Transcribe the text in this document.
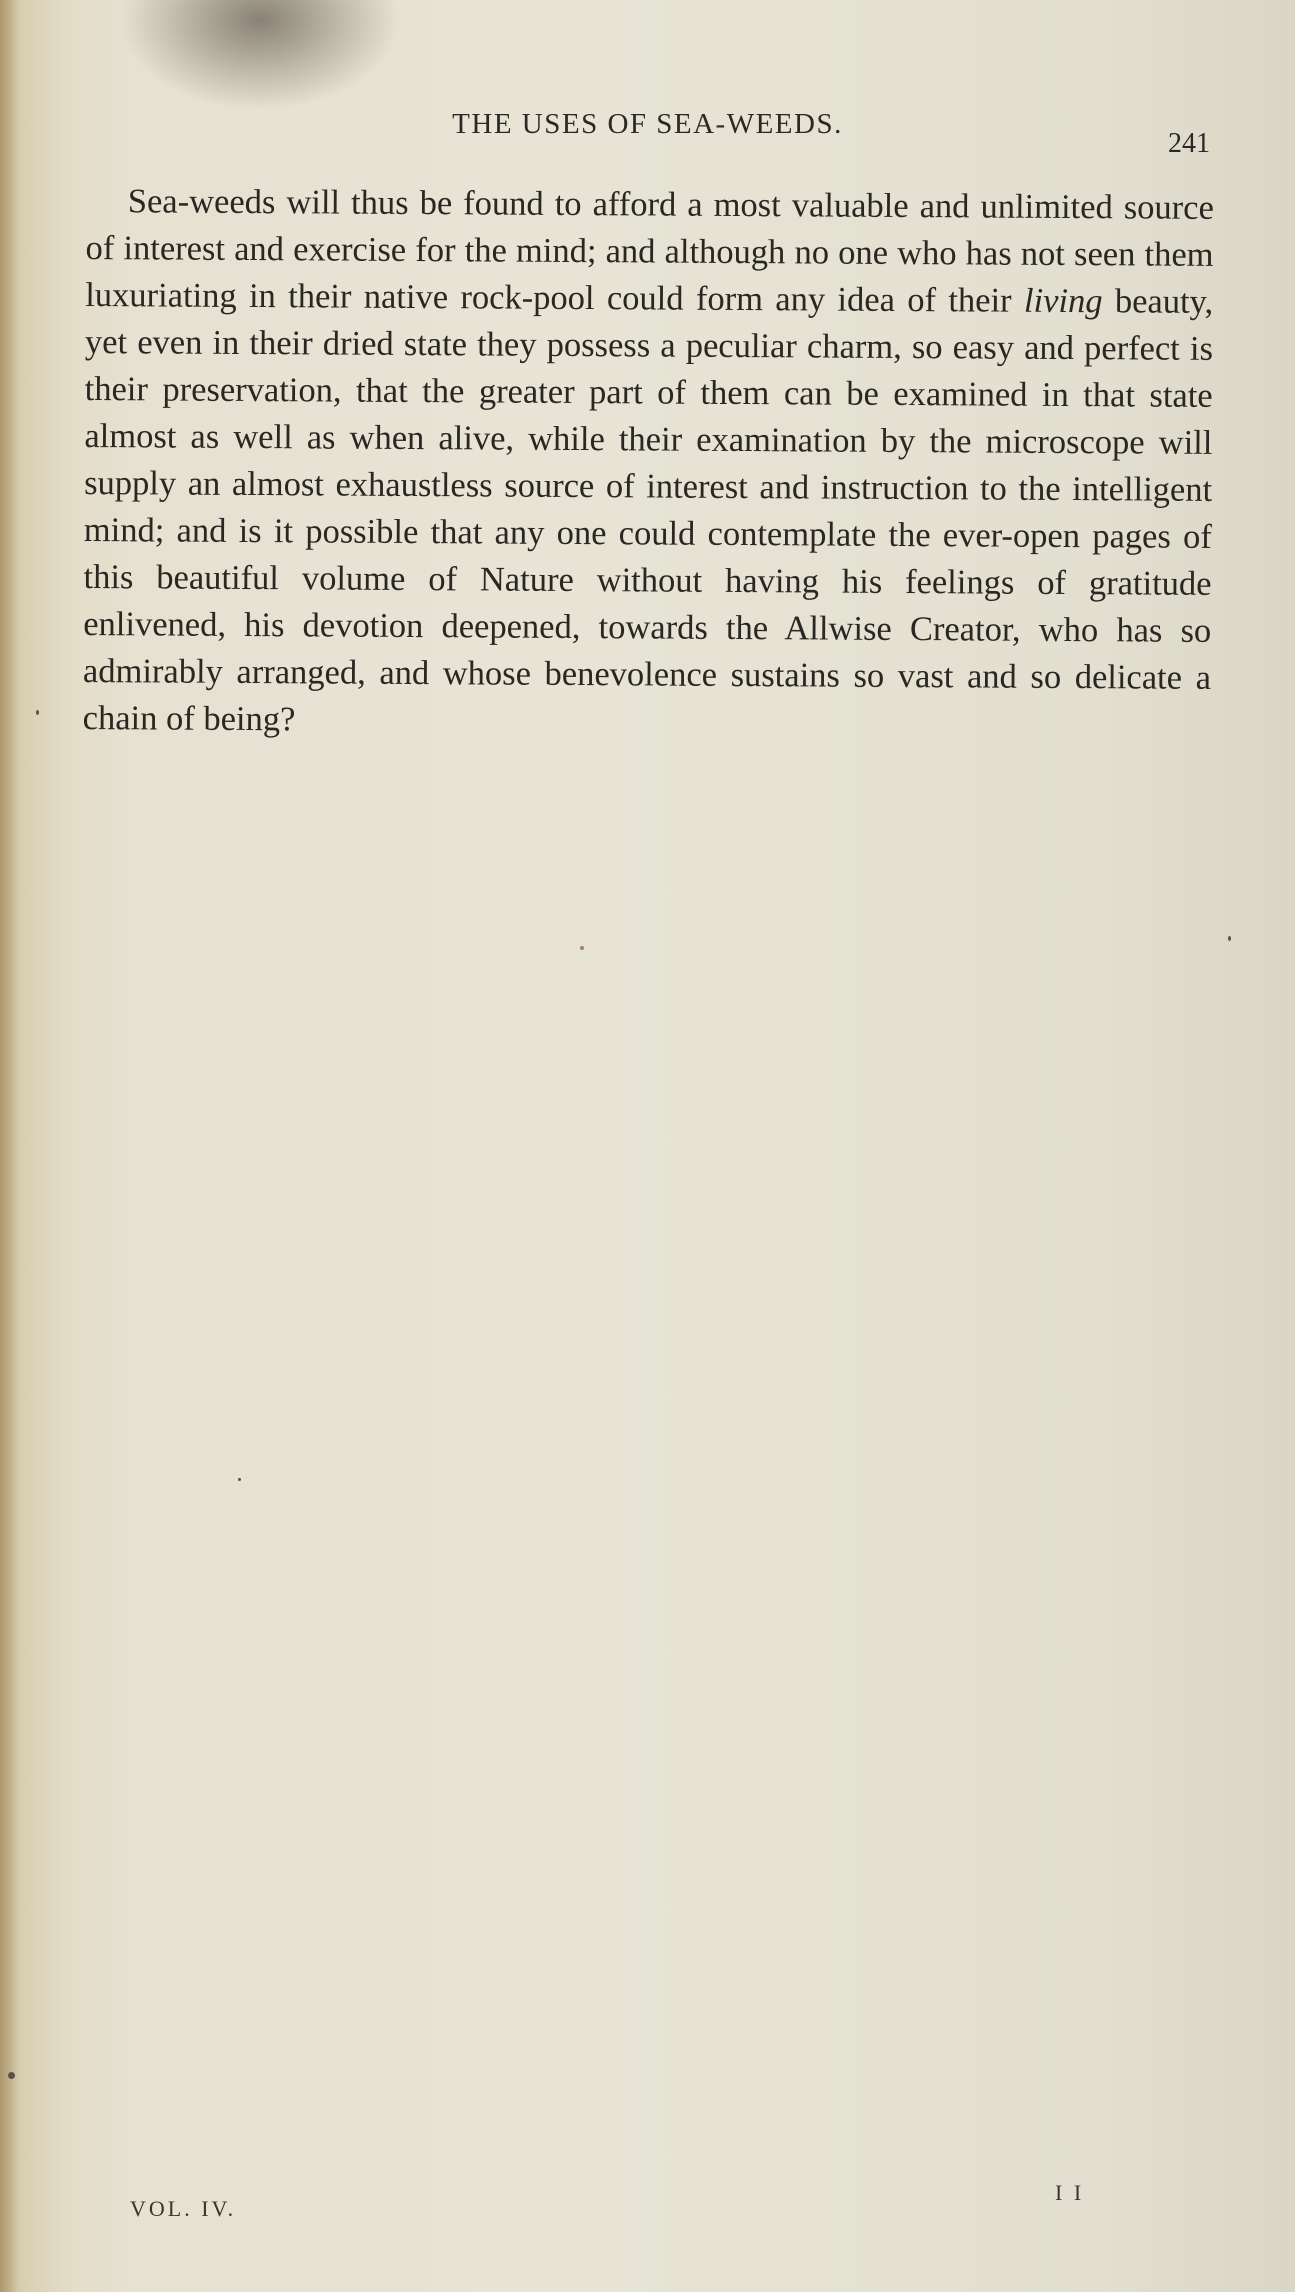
THE USES OF SEA-WEEDS.
241

Sea-weeds will thus be found to afford a most valuable and unlimited source of interest and exercise for the mind; and although no one who has not seen them luxuriating in their native rock-pool could form any idea of their living beauty, yet even in their dried state they possess a peculiar charm, so easy and perfect is their preservation, that the greater part of them can be examined in that state almost as well as when alive, while their examination by the microscope will supply an almost exhaustless source of interest and instruction to the intelligent mind; and is it possible that any one could contemplate the ever-open pages of this beautiful volume of Nature without having his feelings of gratitude enlivened, his devotion deepened, towards the Allwise Creator, who has so admirably arranged, and whose benevolence sustains so vast and so delicate a chain of being?

VOL. IV.
I I
